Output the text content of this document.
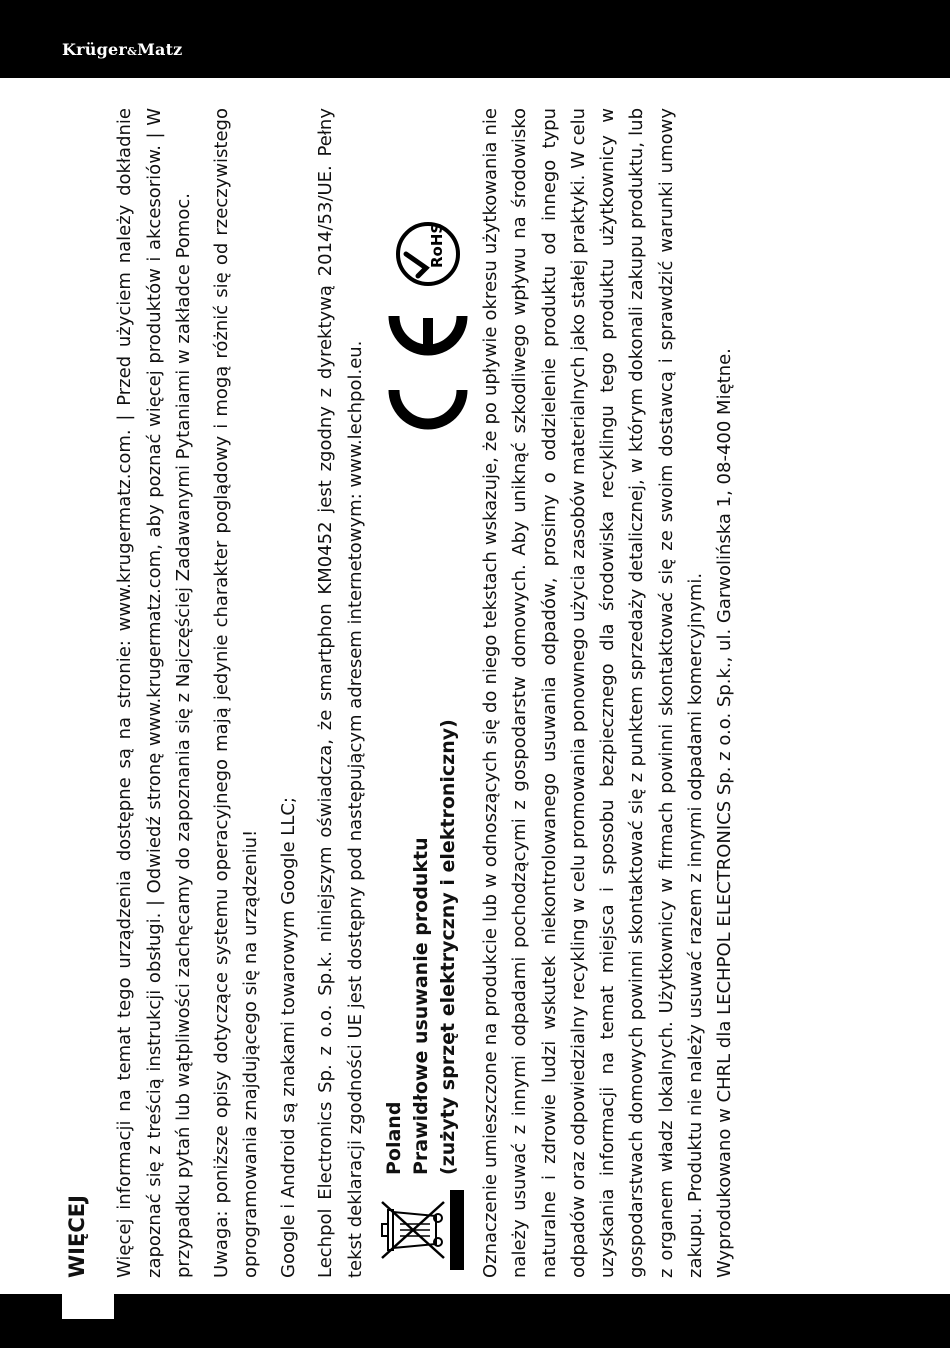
Krüger&Matz
WIĘCEJ Więcej informacji na temat tego urządzenia dostępne są na stronie: www.krugermatz.com. | Przed użyciem należy dokładnie zapoznać się z treścią instrukcji obsługi. | Odwiedź stronę www.krugermatz.com, aby poznać więcej produktów i akcesoriów. | W przypadku pytań lub wątpliwości zachęcamy do zapoznania się z Najczęściej Zadawanymi Pytaniami w zakładce Pomoc. Uwaga: poniższe opisy dotyczące systemu operacyjnego mają jedynie charakter poglądowy i mogą różnić się od rzeczywistego oprogramowania znajdującego się na urządzeniu! Google i Android są znakami towarowym Google LLC; Lechpol Electronics Sp. z o.o. Sp.k. niniejszym oświadcza, że smartphon KM0452 jest zgodny z dyrektywą 2014/53/UE. Pełny tekst deklaracji zgodności UE jest dostępny pod następującym adresem internetowym: www.lechpol.eu. Poland Prawidłowe usuwanie produktu (zużyty sprzęt elektryczny i elektroniczny)
RoHS Oznaczenie umieszczone na produkcie lub w odnoszących się do niego tekstach wskazuje, że po upływie okresu użytkowania nie należy usuwać z innymi odpadami pochodzącymi z gospodarstw domowych. Aby uniknąć szkodliwego wpływu na środowisko naturalne i zdrowie ludzi wskutek niekontrolowanego usuwania odpadów, prosimy o oddzielenie produktu od innego typu odpadów oraz odpowiedzialny recykling w celu promowania ponownego użycia zasobów materialnych jako stałej praktyki. W celu uzyskania informacji na temat miejsca i sposobu bezpiecznego dla środowiska recyklingu tego produktu użytkownicy w gospodarstwach domowych powinni skontaktować się z punktem sprzedaży detalicznej, w którym dokonali zakupu produktu, lub z organem władz lokalnych. Użytkownicy w firmach powinni skontaktować się ze swoim dostawcą i sprawdzić warunki umowy zakupu. Produktu nie należy usuwać razem z innymi odpadami komercyjnymi. Wyprodukowano w CHRL dla LECHPOL ELECTRONICS Sp. z o.o. Sp.k., ul. Garwolińska 1, 08-400 Miętne.
